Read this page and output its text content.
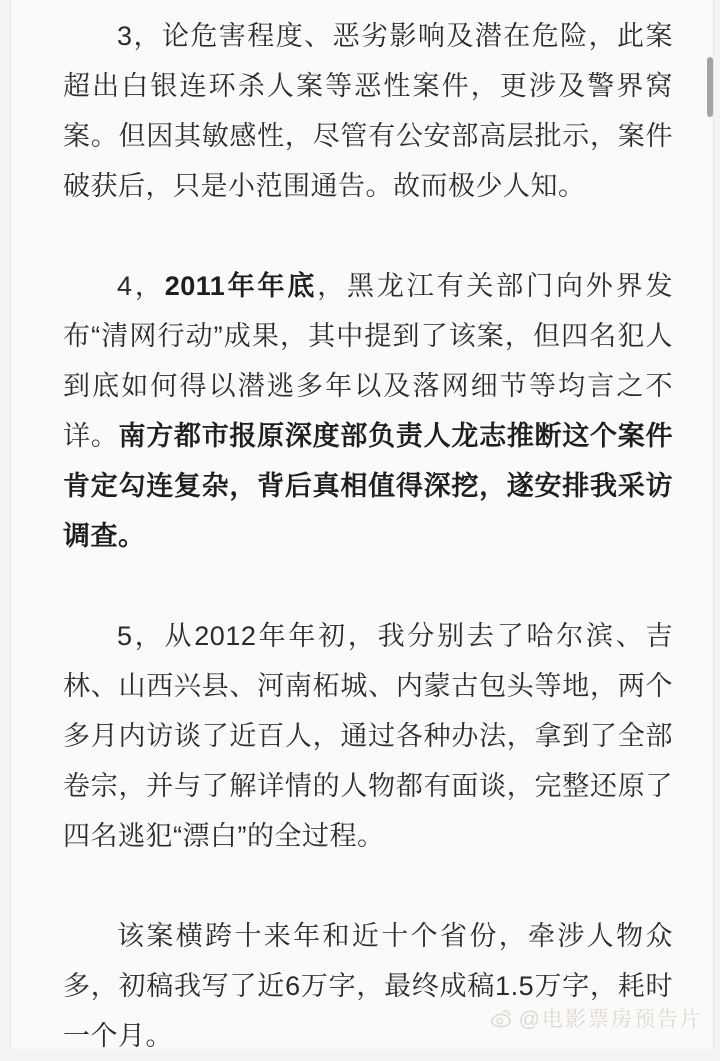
3，论危害程度、恶劣影响及潜在危险，此案超出白银连环杀人案等恶性案件，更涉及警界窝案。但因其敏感性，尽管有公安部高层批示，案件破获后，只是小范围通告。故而极少人知。

4，2011年年底，黑龙江有关部门向外界发布“清网行动”成果，其中提到了该案，但四名犯人到底如何得以潜逃多年以及落网细节等均言之不详。南方都市报原深度部负责人龙志推断这个案件肯定勾连复杂，背后真相值得深挖，遂安排我采访调查。

5，从2012年年初，我分别去了哈尔滨、吉林、山西兴县、河南柘城、内蒙古包头等地，两个多月内访谈了近百人，通过各种办法，拿到了全部卷宗，并与了解详情的人物都有面谈，完整还原了四名逃犯“漂白”的全过程。

该案横跨十来年和近十个省份，牵涉人物众多，初稿我写了近6万字，最终成稿1.5万字，耗时一个月。

@电影票房预告片
